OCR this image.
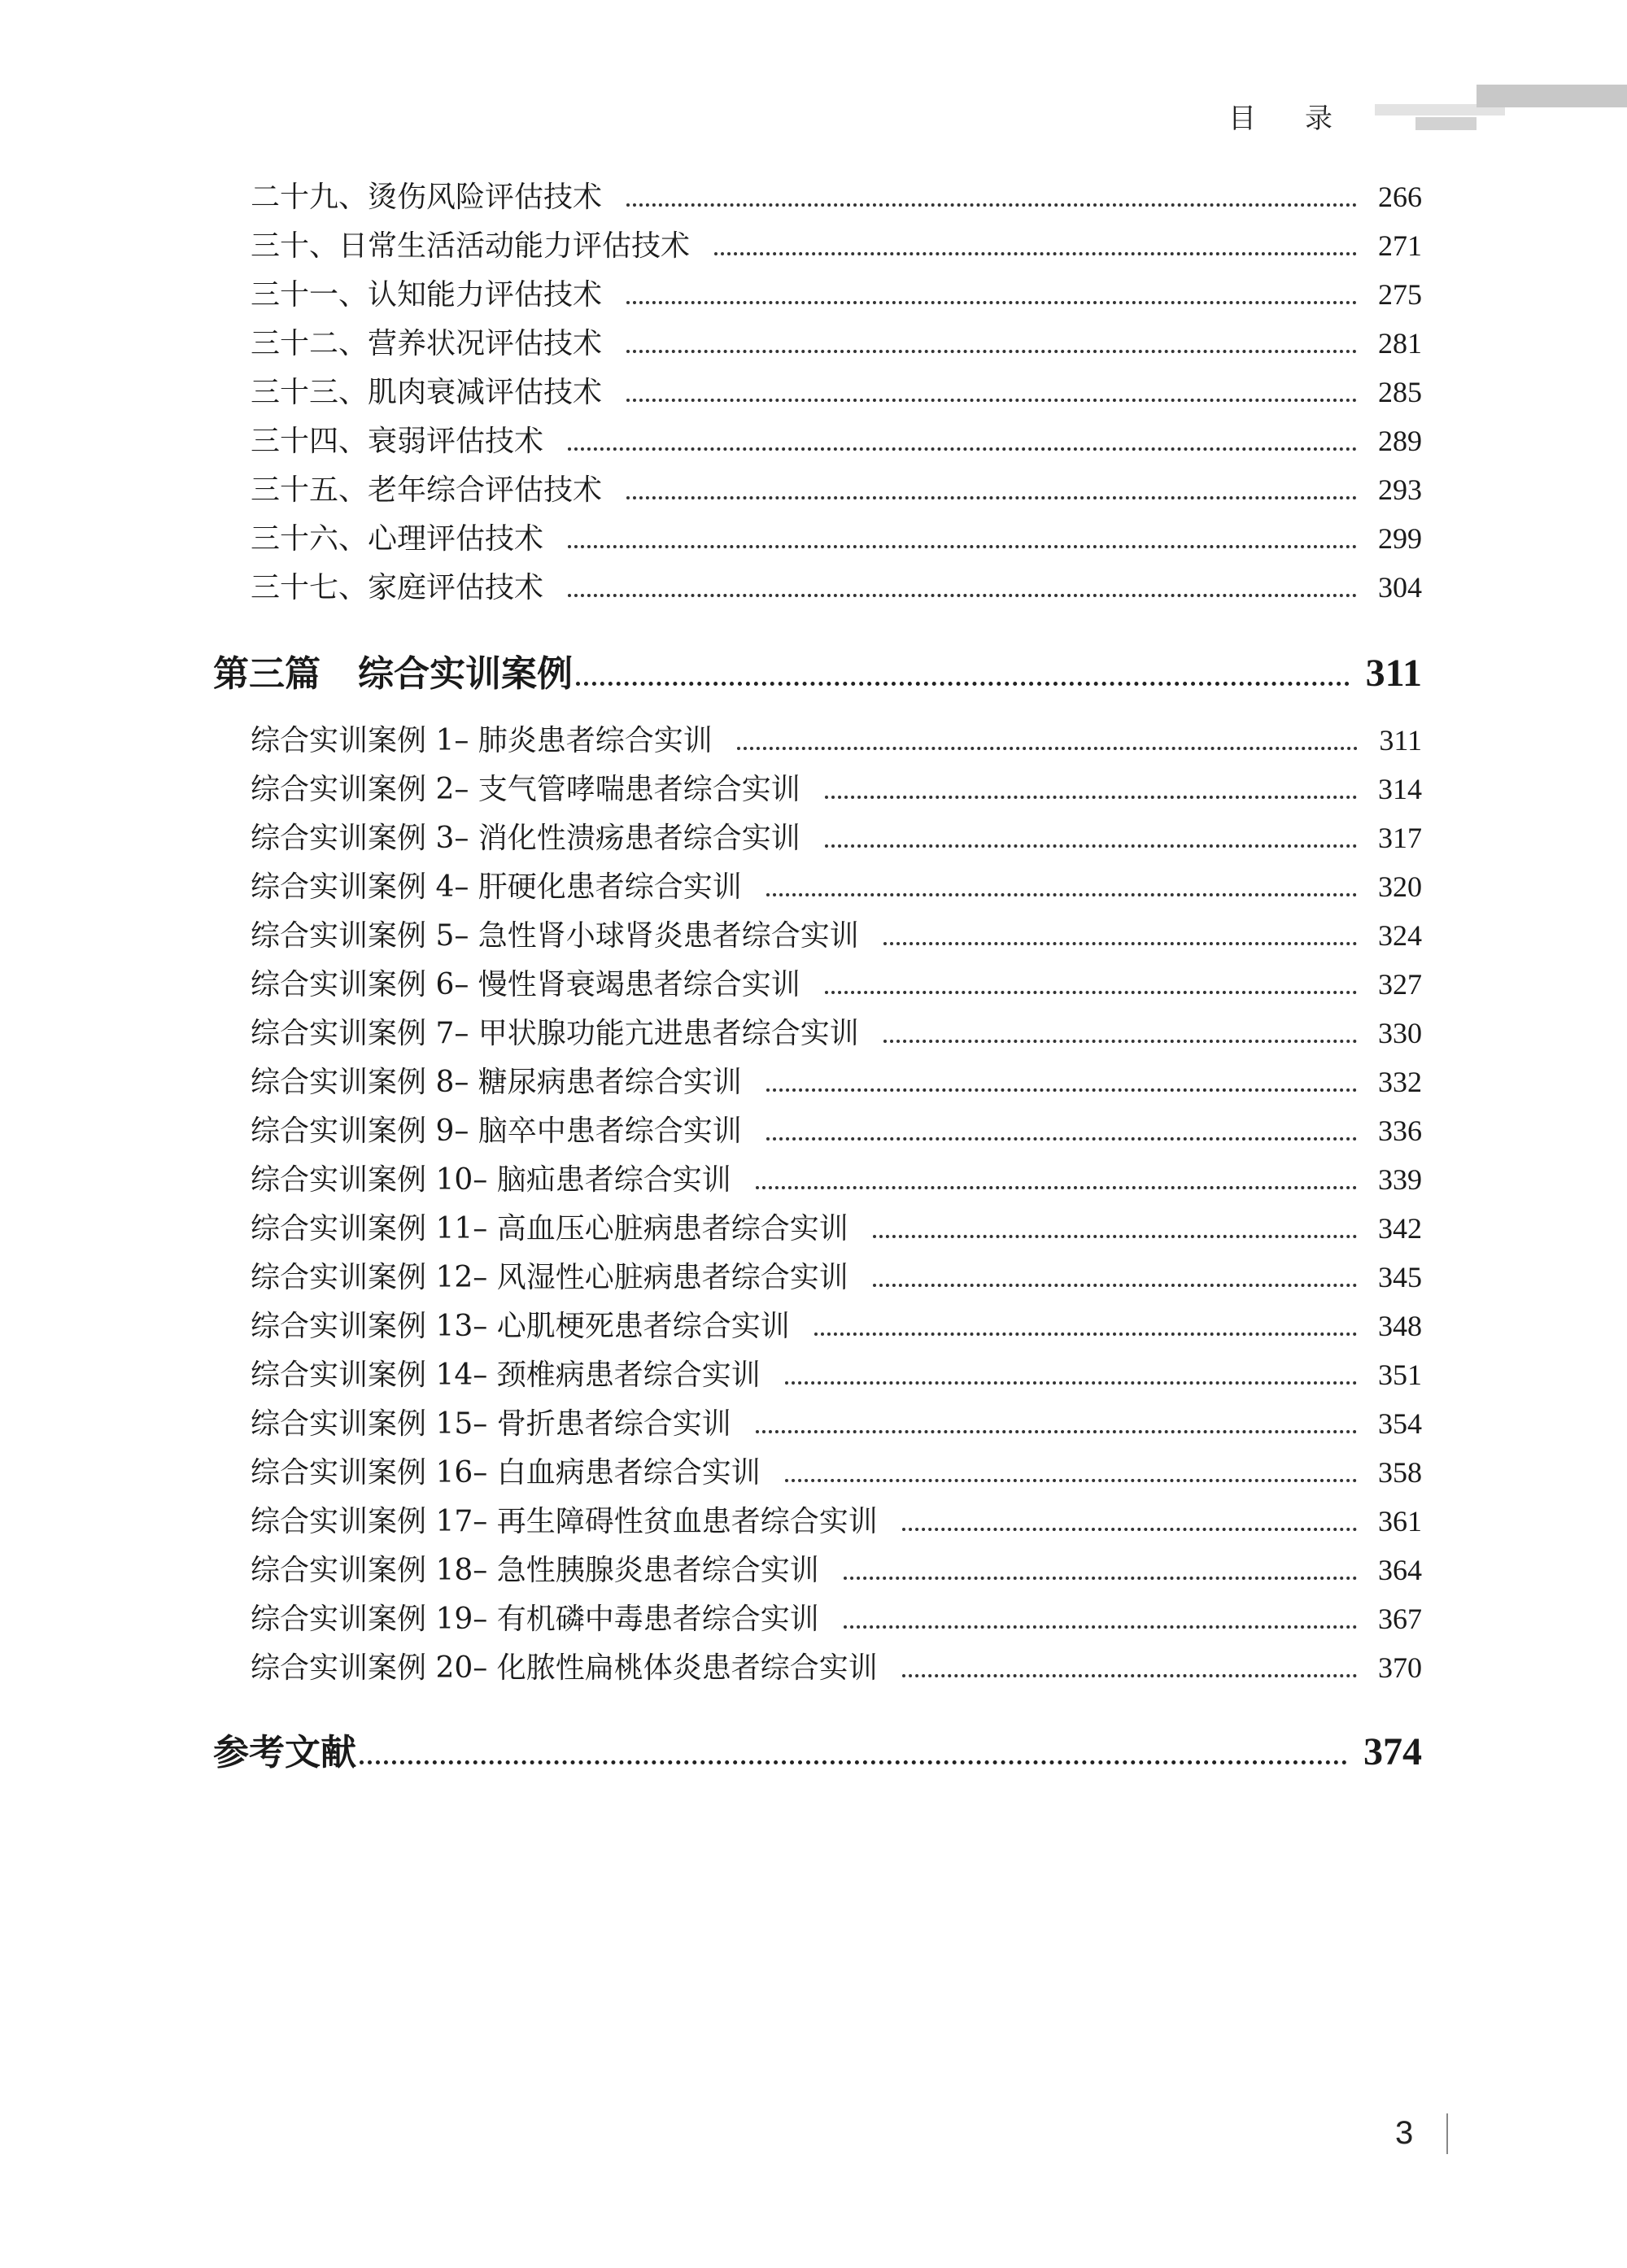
目录
二十九、烫伤风险评估技术	266
三十、日常生活活动能力评估技术	271
三十一、认知能力评估技术	275
三十二、营养状况评估技术	281
三十三、肌肉衰减评估技术	285
三十四、衰弱评估技术	289
三十五、老年综合评估技术	293
三十六、心理评估技术	299
三十七、家庭评估技术	304
第三篇 综合实训案例	311
综合实训案例 1– 肺炎患者综合实训	311
综合实训案例 2– 支气管哮喘患者综合实训	314
综合实训案例 3– 消化性溃疡患者综合实训	317
综合实训案例 4– 肝硬化患者综合实训	320
综合实训案例 5– 急性肾小球肾炎患者综合实训	324
综合实训案例 6– 慢性肾衰竭患者综合实训	327
综合实训案例 7– 甲状腺功能亢进患者综合实训	330
综合实训案例 8– 糖尿病患者综合实训	332
综合实训案例 9– 脑卒中患者综合实训	336
综合实训案例 10– 脑疝患者综合实训	339
综合实训案例 11– 高血压心脏病患者综合实训	342
综合实训案例 12– 风湿性心脏病患者综合实训	345
综合实训案例 13– 心肌梗死患者综合实训	348
综合实训案例 14– 颈椎病患者综合实训	351
综合实训案例 15– 骨折患者综合实训	354
综合实训案例 16– 白血病患者综合实训	358
综合实训案例 17– 再生障碍性贫血患者综合实训	361
综合实训案例 18– 急性胰腺炎患者综合实训	364
综合实训案例 19– 有机磷中毒患者综合实训	367
综合实训案例 20– 化脓性扁桃体炎患者综合实训	370
参考文献	374
3
